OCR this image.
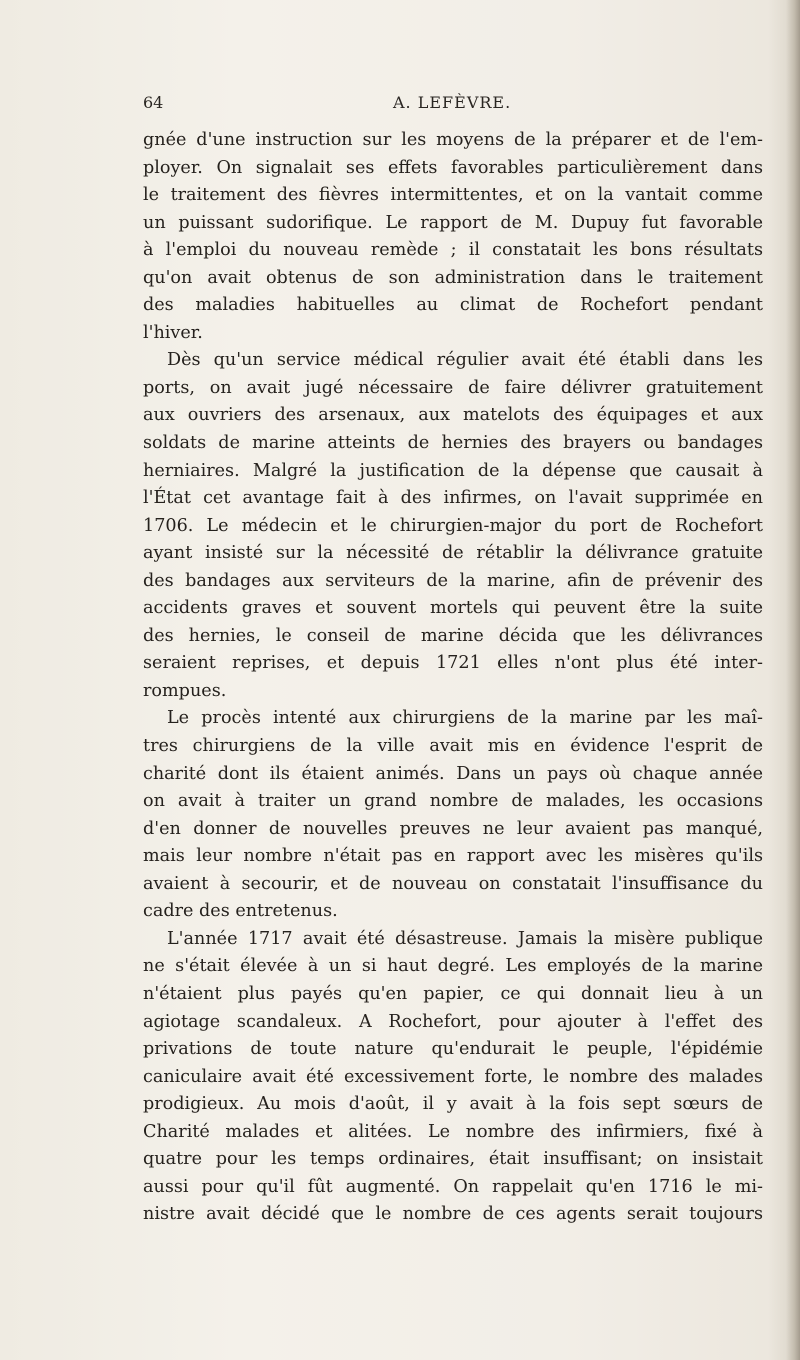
64	A. LEFÈVRE.
gnée d'une instruction sur les moyens de la préparer et de l'em-
ployer. On signalait ses effets favorables particulièrement dans
le traitement des fièvres intermittentes, et on la vantait comme
un puissant sudorifique. Le rapport de M. Dupuy fut favorable
à l'emploi du nouveau remède ; il constatait les bons résultats
qu'on avait obtenus de son administration dans le traitement
des maladies habituelles au climat de Rochefort pendant
l'hiver.
Dès qu'un service médical régulier avait été établi dans les
ports, on avait jugé nécessaire de faire délivrer gratuitement
aux ouvriers des arsenaux, aux matelots des équipages et aux
soldats de marine atteints de hernies des brayers ou bandages
herniaires. Malgré la justification de la dépense que causait à
l'État cet avantage fait à des infirmes, on l'avait supprimée en
1706. Le médecin et le chirurgien-major du port de Rochefort
ayant insisté sur la nécessité de rétablir la délivrance gratuite
des bandages aux serviteurs de la marine, afin de prévenir des
accidents graves et souvent mortels qui peuvent être la suite
des hernies, le conseil de marine décida que les délivrances
seraient reprises, et depuis 1721 elles n'ont plus été inter-
rompues.
Le procès intenté aux chirurgiens de la marine par les maî-
tres chirurgiens de la ville avait mis en évidence l'esprit de
charité dont ils étaient animés. Dans un pays où chaque année
on avait à traiter un grand nombre de malades, les occasions
d'en donner de nouvelles preuves ne leur avaient pas manqué,
mais leur nombre n'était pas en rapport avec les misères qu'ils
avaient à secourir, et de nouveau on constatait l'insuffisance du
cadre des entretenus.
L'année 1717 avait été désastreuse. Jamais la misère publique
ne s'était élevée à un si haut degré. Les employés de la marine
n'étaient plus payés qu'en papier, ce qui donnait lieu à un
agiotage scandaleux. A Rochefort, pour ajouter à l'effet des
privations de toute nature qu'endurait le peuple, l'épidémie
caniculaire avait été excessivement forte, le nombre des malades
prodigieux. Au mois d'août, il y avait à la fois sept sœurs de
Charité malades et alitées. Le nombre des infirmiers, fixé à
quatre pour les temps ordinaires, était insuffisant; on insistait
aussi pour qu'il fût augmenté. On rappelait qu'en 1716 le mi-
nistre avait décidé que le nombre de ces agents serait toujours
